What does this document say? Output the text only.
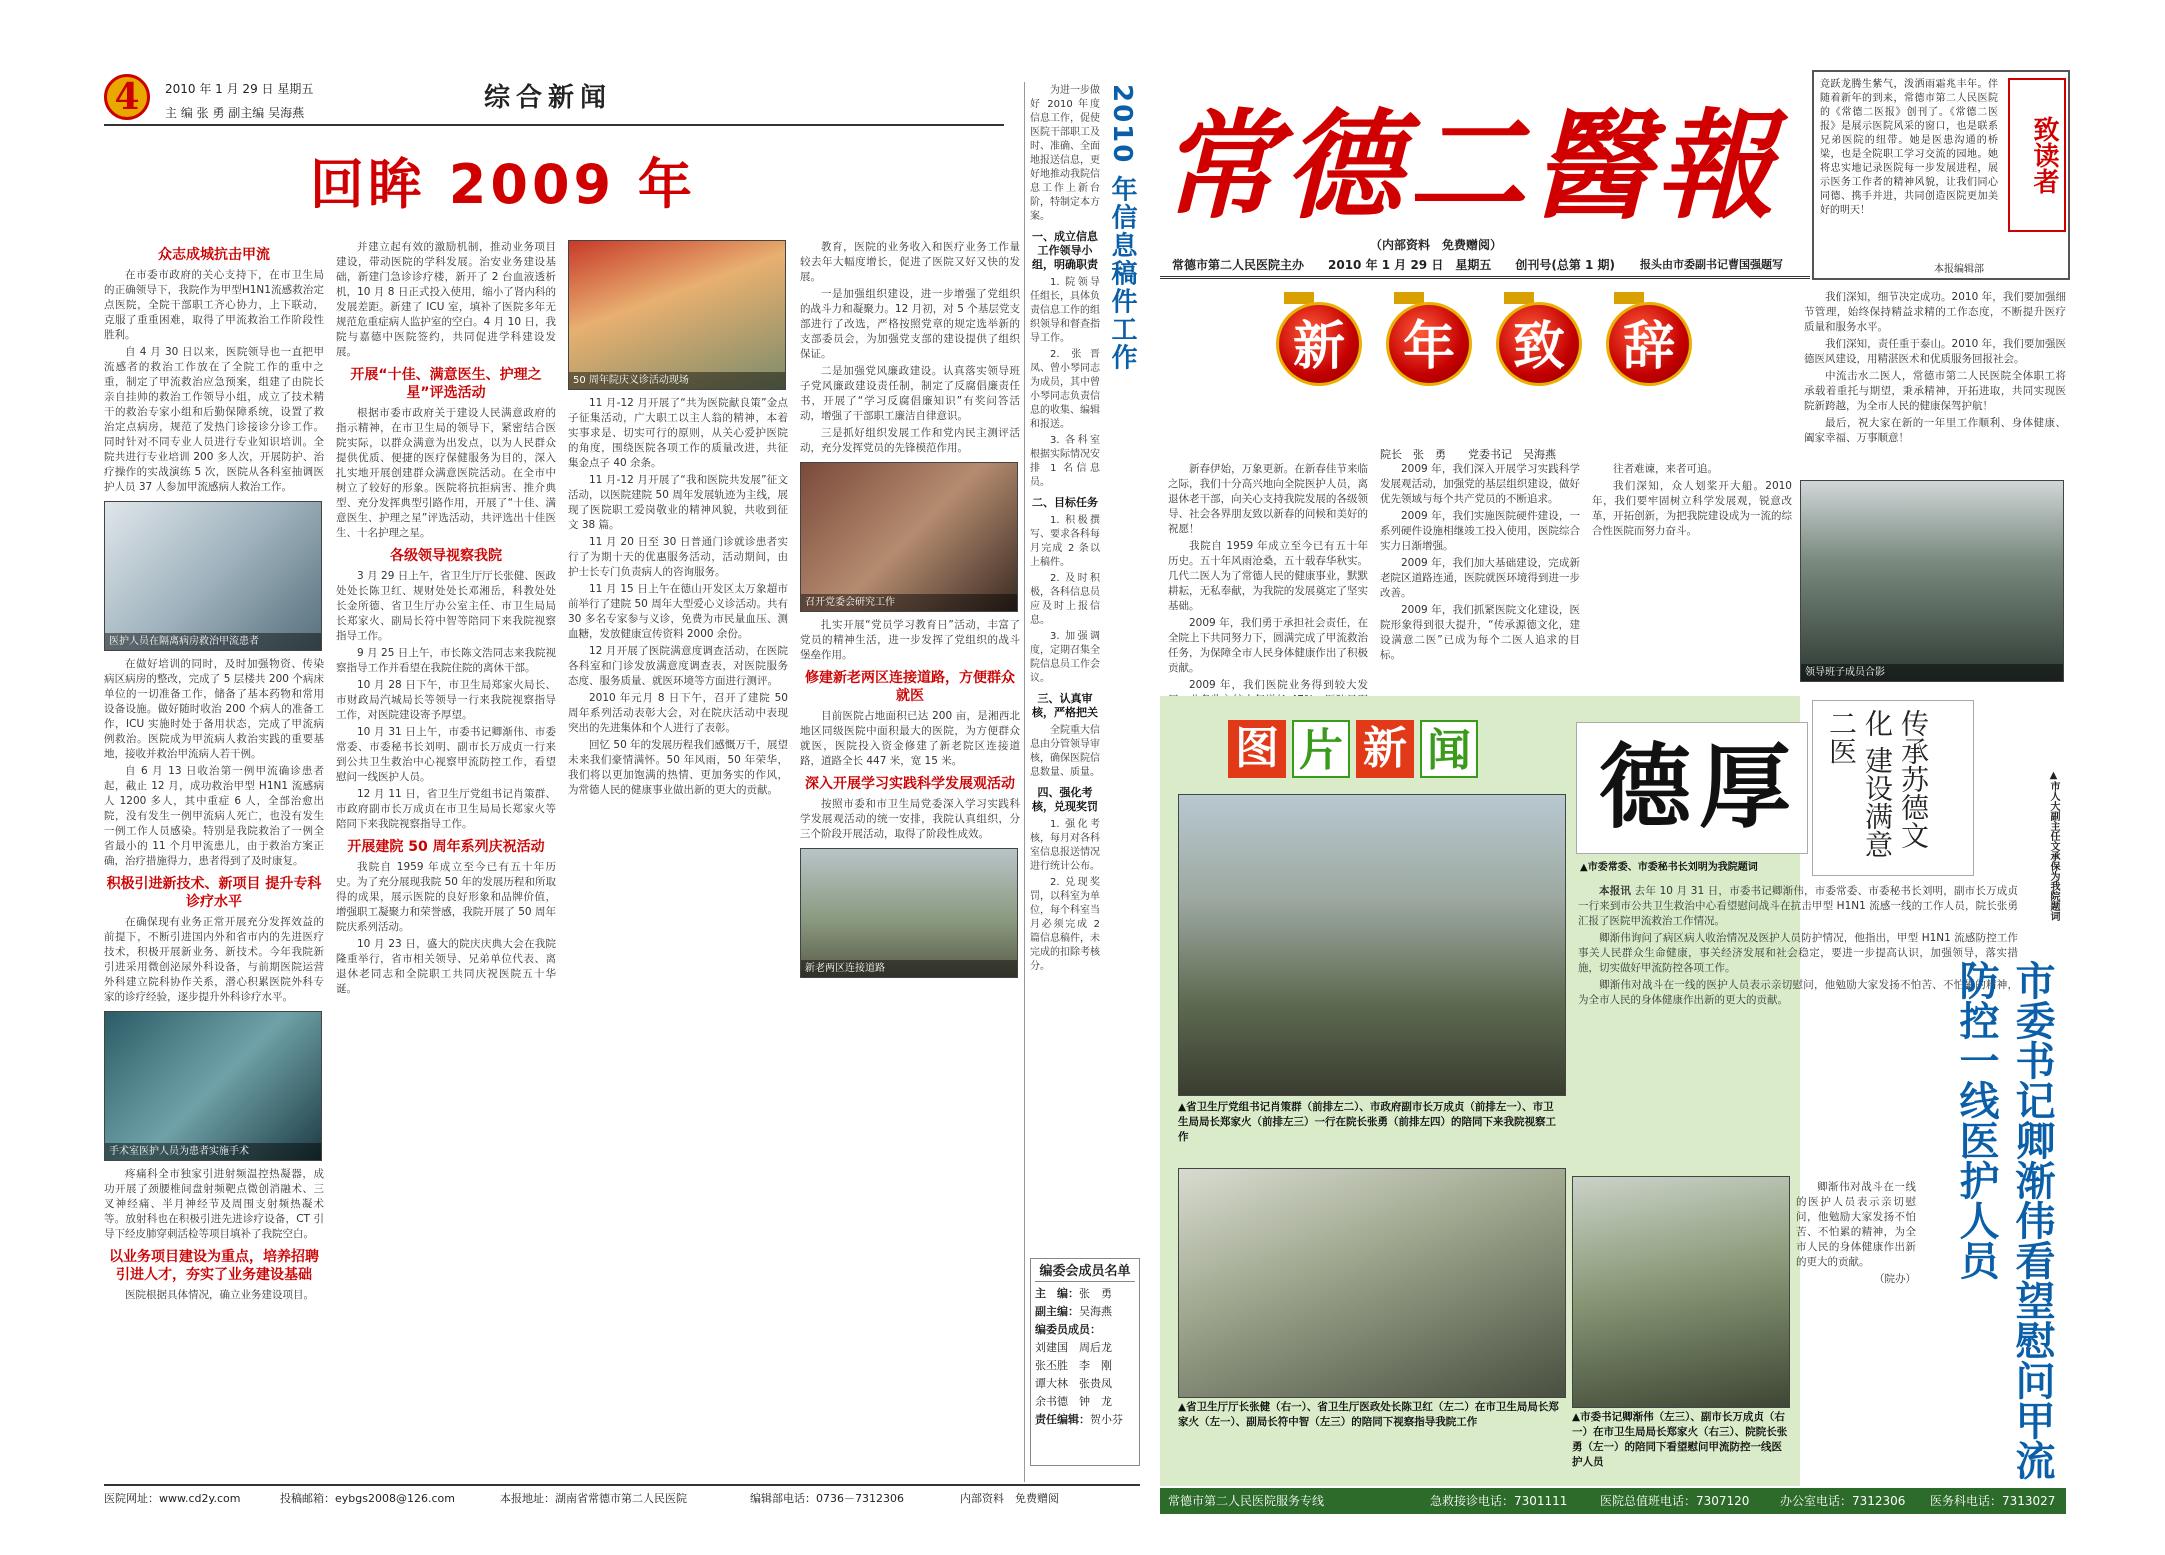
4	2010 年 1 月 29 日 星期五
主 编 张 勇 副主编 吴海燕	综合新闻
回眸 2009 年
众志成城抗击甲流

在市委市政府的关心支持下，在市卫生局的正确领导下，我院作为甲型H1N1流感救治定点医院，全院干部职工齐心协力，上下联动，克服了重重困难，取得了甲流救治工作阶段性胜利。

自 4 月 30 日以来，医院领导也一直把甲流感者的救治工作放在了全院工作的重中之重，制定了甲流救治应急预案，组建了由院长亲自挂帅的救治工作领导小组，成立了技术精干的救治专家小组和后勤保障系统，设置了救治定点病房，规范了发热门诊接诊分诊工作。同时针对不同专业人员进行专业知识培训。全院共进行专业培训 200 多人次，开展防护、治疗操作的实战演练 5 次，医院从各科室抽调医护人员 37 人参加甲流感病人救治工作。

医护人员在隔离病房救治甲流患者

在做好培训的同时，及时加强物资、传染病区病房的整改，完成了 5 层楼共 200 个病床单位的一切准备工作，储备了基本药物和常用设备设施。做好随时收治 200 个病人的准备工作，ICU 实施时处于备用状态，完成了甲流病例救治。医院成为甲流病人救治实践的重要基地，接收并救治甲流病人若干例。

自 6 月 13 日收治第一例甲流确诊患者起，截止 12 月，成功救治甲型 H1N1 流感病人 1200 多人，其中重症 6 人，全部治愈出院，没有发生一例甲流病人死亡，也没有发生一例工作人员感染。特别是我院救治了一例全省最小的 11 个月甲流患儿，由于救治方案正确，治疗措施得力，患者得到了及时康复。

积极引进新技术、新项目 提升专科诊疗水平

在确保现有业务正常开展充分发挥效益的前提下，不断引进国内外和省市内的先进医疗技术，积极开展新业务、新技术。今年我院新引进采用微创泌尿外科设备，与前期医院运营外科建立院科协作关系，潜心积累医院外科专家的诊疗经验，逐步提升外科诊疗水平。

手术室医护人员为患者实施手术

疼痛科全市独家引进射频温控热凝器，成功开展了颈腰椎间盘射频靶点微创消融术、三叉神经痛、半月神经节及周围支射频热凝术等。放射科也在积极引进先进诊疗设备，CT 引导下经皮肺穿刺活检等项目填补了我院空白。

以业务项目建设为重点，培养招聘引进人才，夯实了业务建设基础

医院根据具体情况，确立业务建设项目。

并建立起有效的激励机制，推动业务项目建设，带动医院的学科发展。治安业务建设基础，新建门急诊诊疗楼，新开了 2 台血液透析机，10 月 8 日正式投入使用，缩小了肾内科的发展差距。新建了 ICU 室，填补了医院多年无规范危重症病人监护室的空白。4 月 10 日，我院与嘉德中医院签约，共同促进学科建设发展。

开展“十佳、满意医生、护理之星”评选活动

根据市委市政府关于建设人民满意政府的指示精神，在市卫生局的领导下，紧密结合医院实际，以群众满意为出发点，以为人民群众提供优质、便捷的医疗保健服务为目的，深入扎实地开展创建群众满意医院活动。在全市中树立了较好的形象。医院将抗拒病害、推介典型、充分发挥典型引路作用，开展了“十佳、满意医生、护理之星”评选活动，共评选出十佳医生、十名护理之星。

各级领导视察我院

3 月 29 日上午，省卫生厅厅长张健、医政处处长陈卫红、规财处处长邓湘岳，科教处处长金所德、省卫生厅办公室主任、市卫生局局长郑家火、副局长符中智等陪同下来我院视察指导工作。

9 月 25 日上午，市长陈文浩同志来我院视察指导工作并看望在我院住院的离休干部。

10 月 28 日下午，市卫生局郑家火局长、市财政局汽城局长等领导一行来我院视察指导工作，对医院建设寄予厚望。

10 月 31 日上午，市委书记卿渐伟、市委常委、市委秘书长刘明、副市长万成贞一行来到公共卫生救治中心视察甲流防控工作，看望慰问一线医护人员。

12 月 11 日，省卫生厅党组书记肖策群、市政府副市长万成贞在市卫生局局长郑家火等陪同下来我院视察指导工作。

开展建院 50 周年系列庆祝活动

我院自 1959 年成立至今已有五十年历史。为了充分展现我院 50 年的发展历程和所取得的成果，展示医院的良好形象和品牌价值，增强职工凝聚力和荣誉感，我院开展了 50 周年院庆系列活动。

10 月 23 日，盛大的院庆庆典大会在我院隆重举行，省市相关领导、兄弟单位代表、离退休老同志和全院职工共同庆祝医院五十华诞。

50 周年院庆义诊活动现场

11 月-12 月开展了“共为医院献良策”金点子征集活动，广大职工以主人翁的精神，本着实事求是、切实可行的原则，从关心爱护医院的角度，围绕医院各项工作的质量改进，共征集金点子 40 余条。

11 月-12 月开展了“我和医院共发展”征文活动，以医院建院 50 周年发展轨迹为主线，展现了医院职工爱岗敬业的精神风貌，共收到征文 38 篇。

11 月 20 日至 30 日普通门诊就诊患者实行了为期十天的优惠服务活动，活动期间，由护士长专门负责病人的咨询服务。

11 月 15 日上午在德山开发区太万象超市前举行了建院 50 周年大型爱心义诊活动。共有 30 多名专家参与义诊，免费为市民量血压、测血糖，发放健康宣传资料 2000 余份。

12 月开展了医院满意度调查活动，在医院各科室和门诊发放满意度调查表，对医院服务态度、服务质量、就医环境等方面进行测评。

2010 年元月 8 日下午，召开了建院 50 周年系列活动表彰大会，对在院庆活动中表现突出的先进集体和个人进行了表彰。

回忆 50 年的发展历程我们感慨万千，展望未来我们豪情满怀。50 年风雨，50 年荣华，我们将以更加饱满的热情、更加务实的作风，为常德人民的健康事业做出新的更大的贡献。

教育，医院的业务收入和医疗业务工作量较去年大幅度增长，促进了医院又好又快的发展。

一是加强组织建设，进一步增强了党组织的战斗力和凝聚力。12 月初，对 5 个基层党支部进行了改选，严格按照党章的规定选举新的支部委员会，为加强党支部的建设提供了组织保证。

二是加强党风廉政建设。认真落实领导班子党风廉政建设责任制，制定了反腐倡廉责任书，开展了“学习反腐倡廉知识”有奖问答活动，增强了干部职工廉洁自律意识。

三是抓好组织发展工作和党内民主测评活动，充分发挥党员的先锋模范作用。

召开党委会研究工作

扎实开展“党员学习教育日”活动，丰富了党员的精神生活，进一步发挥了党组织的战斗堡垒作用。

修建新老两区连接道路，方便群众就医

目前医院占地面积已达 200 亩，是湘西北地区同级医院中面积最大的医院，为方便群众就医，医院投入资金修建了新老院区连接道路，道路全长 447 米，宽 15 米。

深入开展学习实践科学发展观活动

按照市委和市卫生局党委深入学习实践科学发展观活动的统一安排，我院认真组织，分三个阶段开展活动，取得了阶段性成效。

新老两区连接道路

为进一步做好 2010 年度信息工作，促使医院干部职工及时、准确、全面地报送信息，更好地推动我院信息工作上新台阶，特制定本方案。

一、成立信息工作领导小组，明确职责

1. 院领导任组长，具体负责信息工作的组织领导和督查指导工作。

2. 张晋凤、曾小琴同志为成员，其中曾小琴同志负责信息的收集、编辑和报送。

3. 各科室根据实际情况安排 1 名信息员。

二、目标任务

1. 积极撰写、要求各科每月完成 2 条以上稿件。

2. 及时积极，各科信息员应及时上报信息。

3. 加强调度，定期召集全院信息员工作会议。

三、认真审核，严格把关

全院重大信息由分管领导审核，确保医院信息数量、质量。

四、强化考核，兑现奖罚

1. 强化考核，每月对各科室信息报送情况进行统计公布。

2. 兑现奖罚，以科室为单位，每个科室当月必须完成 2 篇信息稿件，未完成的扣除考核分。

2010 年信息稿件工作
编委会成员名单
主　编：张　勇
副主编：吴海燕
编委员成员：
刘建国　周后龙
张丕胜　李　刚
谭大林　张贵凤
余书德　钟　龙
责任编辑：贺小芬
医院网址：www.cd2y.com	投稿邮箱：eybgs2008@126.com	本报地址：湖南省常德市第二人民医院	编辑部电话：0736－7312306	内部资料　免费赠阅
常德二醫報
（内部资料　免费赠阅）
常德市第二人民医院主办　　2010 年 1 月 29 日　星期五　　创刊号(总第 1 期) 报头由市委副书记曹国强题写
竞跃龙腾生紫气，泼洒雨霜兆丰年。伴随着新年的到来，常德市第二人民医院的《常德二医报》创刊了。《常德二医报》是展示医院风采的窗口，也是联系兄弟医院的纽带。她是医患沟通的桥梁，也是全院职工学习交流的园地。她将忠实地记录医院每一步发展进程，展示医务工作者的精神风貌，让我们同心同德、携手并进，共同创造医院更加美好的明天！
致读者
本报编辑部
新	年	致	辞
院长　张　勇　　党委书记　吴海燕

新春伊始，万象更新。在新春佳节来临之际，我们十分高兴地向全院医护人员，离退休老干部，向关心支持我院发展的各级领导、社会各界朋友致以新春的问候和美好的祝愿！

我院自 1959 年成立至今已有五十年历史。五十年风雨沧桑，五十载春华秋实。几代二医人为了常德人民的健康事业，默默耕耘，无私奉献，为我院的发展奠定了坚实基础。

2009 年，我们勇于承担社会责任，在全院上下共同努力下，圆满完成了甲流救治任务，为保障全市人民身体健康作出了积极贡献。

2009 年，我们医院业务得到较大发

2009 年，我们深入开展学习实践科学发展观活动，加强党的基层组织建设，做好优先领域与每个共产党员的不断追求。

2009 年，我们实施医院硬件建设，一系列硬件设施相继竣工投入使用，医院综合实力日渐增强。

2009 年，我们加大基础建设，完成新老院区道路连通，医院就医环境得到进一步改善。

2009 年，我们抓紧医院文化建设，医院形象得到很大提升，“传承源德文化，建设满意二医”已成为每个二医人追求的目标。

往者难谏，来者可追。

我们深知，众人划桨开大船。2010 年，我们要牢固树立科学发展观，锐意改革，开拓创新，为把我院建设成为一流的综合性医院而努力奋斗。

我们深知，细节决定成功。2010 年，我们要加强细节管理，始终保持精益求精的工作态度，不断提升医疗质量和服务水平。

我们深知，责任重于泰山。2010 年，我们要加强医德医风建设，用精湛医术和优质服务回报社会。

中流击水二医人，常德市第二人民医院全体职工将承载着重托与期望，秉承精神，开拓进取，共同实现医院新跨越，为全市人民的健康保驾护航！

最后，祝大家在新的一年里工作顺利、身体健康、阖家幸福、万事顺意！

领导班子成员合影
图 片 新 闻
▲省卫生厅党组书记肖策群（前排左二）、市政府副市长万成贞（前排左一）、市卫生局局长郑家火（前排左三）一行在院长张勇（前排左四）的陪同下来我院视察工作
▲省卫生厅厅长张健（右一）、省卫生厅医政处长陈卫红（左二）在市卫生局局长郑家火（左一）、副局长符中智（左三）的陪同下视察指导我院工作	▲市委书记卿渐伟（左三）、副市长万成贞（右一）在市卫生局局长郑家火（右三）、院院长张勇（左一）的陪同下看望慰问甲流防控一线医护人员
德厚	传承苏德文化 建设满意二医
▲市委常委、市委秘书长刘明为我院题词	▲市人大副主任文承保为我院题词

本报讯 去年 10 月 31 日，市委书记卿渐伟，市委常委、市委秘书长刘明，副市长万成贞一行来到市公共卫生救治中心看望慰问战斗在抗击甲型 H1N1 流感一线的工作人员，院长张勇汇报了医院甲流救治工作情况。

卿渐伟询问了病区病人收治情况及医护人员防护情况，他指出，甲型 H1N1 流感防控工作事关人民群众生命健康，事关经济发展和社会稳定，要进一步提高认识，加强领导，落实措施，切实做好甲流防控各项工作。

卿渐伟对战斗在一线的医护人员表示亲切慰问，他勉励大家发扬不怕苦、不怕累的精神，为全市人民的身体健康作出新的更大的贡献。

卿渐伟对战斗在一线的医护人员表示亲切慰问，他勉励大家发扬不怕苦、不怕累的精神，为全市人民的身体健康作出新的更大的贡献。

（院办） 市委书记卿渐伟看望慰问甲流防控一线医护人员
常德市第二人民医院服务专线	急救接诊电话：7301111	医院总值班电话：7307120	办公室电话：7312306 医务科电话：7313027
